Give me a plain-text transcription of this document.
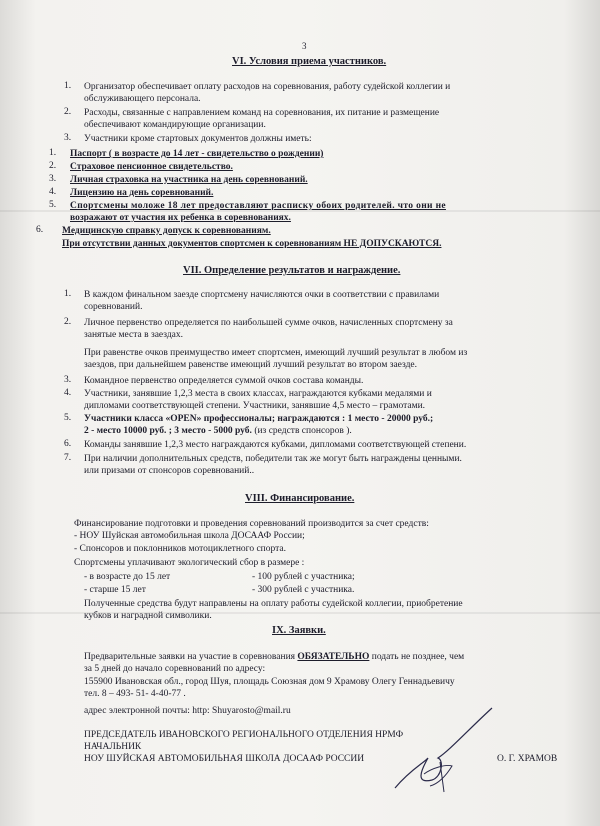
3
VI. Условия приема участников.
1. Организатор обеспечивает оплату расходов на соревнования, работу судейской коллегии и
обслуживающего персонала.
2. Расходы, связанные с направлением команд на соревнования, их питание и размещение
обеспечивают командирующие организации.
3. Участники кроме стартовых документов должны иметь:
1. Паспорт ( в возрасте до 14 лет - свидетельство о рождении)
2. Страховое пенсионное свидетельство.
3. Личная страховка на участника на день соревнований.
4. Лицензию на день соревнований.
5. Спортсмены моложе 18 лет предоставляют расписку обоих родителей. что они не
возражают от участия их ребенка в соревнованиях.
6. Медицинскую справку допуск к соревнованиям.
При отсутствии данных документов спортсмен к соревнованиям НЕ ДОПУСКАЮТСЯ.
VII. Определение результатов и награждение.
1. В каждом финальном заезде спортсмену начисляются очки в соответствии с правилами
соревнований.
2. Личное первенство определяется по наибольшей сумме очков, начисленных спортсмену за
занятые места в заездах.
При равенстве очков преимущество имеет спортсмен, имеющий лучший результат в любом из
заездов, при дальнейшем равенстве имеющий лучший результат во втором заезде.
3. Командное первенство определяется суммой очков состава команды.
4. Участники, занявшие 1,2,3 места в своих классах, награждаются кубками медалями и
дипломами соответствующей степени. Участники, занявшие 4,5 место – грамотами.
5. Участники класса «OPEN» профессионалы; награждаются : 1 место - 20000 руб.;
2 - место 10000 руб. ; 3 место - 5000 руб. (из средств спонсоров ).
6. Команды занявшие 1,2,3 место награждаются кубками, дипломами соответствующей степени.
7. При наличии дополнительных средств, победители так же могут быть награждены ценными.
или призами от спонсоров соревнований..
VIII. Финансирование.
Финансирование подготовки и проведения соревнований производится за счет средств:
- НОУ Шуйская автомобильная школа ДОСААФ России;
- Спонсоров и поклонников мотоциклетного спорта.
Спортсмены уплачивают экологический сбор в размере :
- в возрасте до 15 лет	- 100 рублей с участника;
- старше 15 лет	- 300 рублей с участника.
Полученные средства будут направлены на оплату работы судейской коллегии, приобретение
кубков и наградной символики.
IX. Заявки.
Предварительные заявки на участие в соревнования ОБЯЗАТЕЛЬНО подать не позднее, чем
за 5 дней до начало соревнований по адресу:
155900 Ивановская обл., город Шуя, площадь Союзная дом 9 Храмову Олегу Геннадьевичу
тел. 8 – 493- 51- 4-40-77 .
адрес электронной почты: http: Shuyarosto@mail.ru
ПРЕДСЕДАТЕЛЬ ИВАНОВСКОГО РЕГИОНАЛЬНОГО ОТДЕЛЕНИЯ НРМФ
НАЧАЛЬНИК
НОУ ШУЙСКАЯ АВТОМОБИЛЬНАЯ ШКОЛА ДОСААФ РОССИИ	О. Г. ХРАМОВ
